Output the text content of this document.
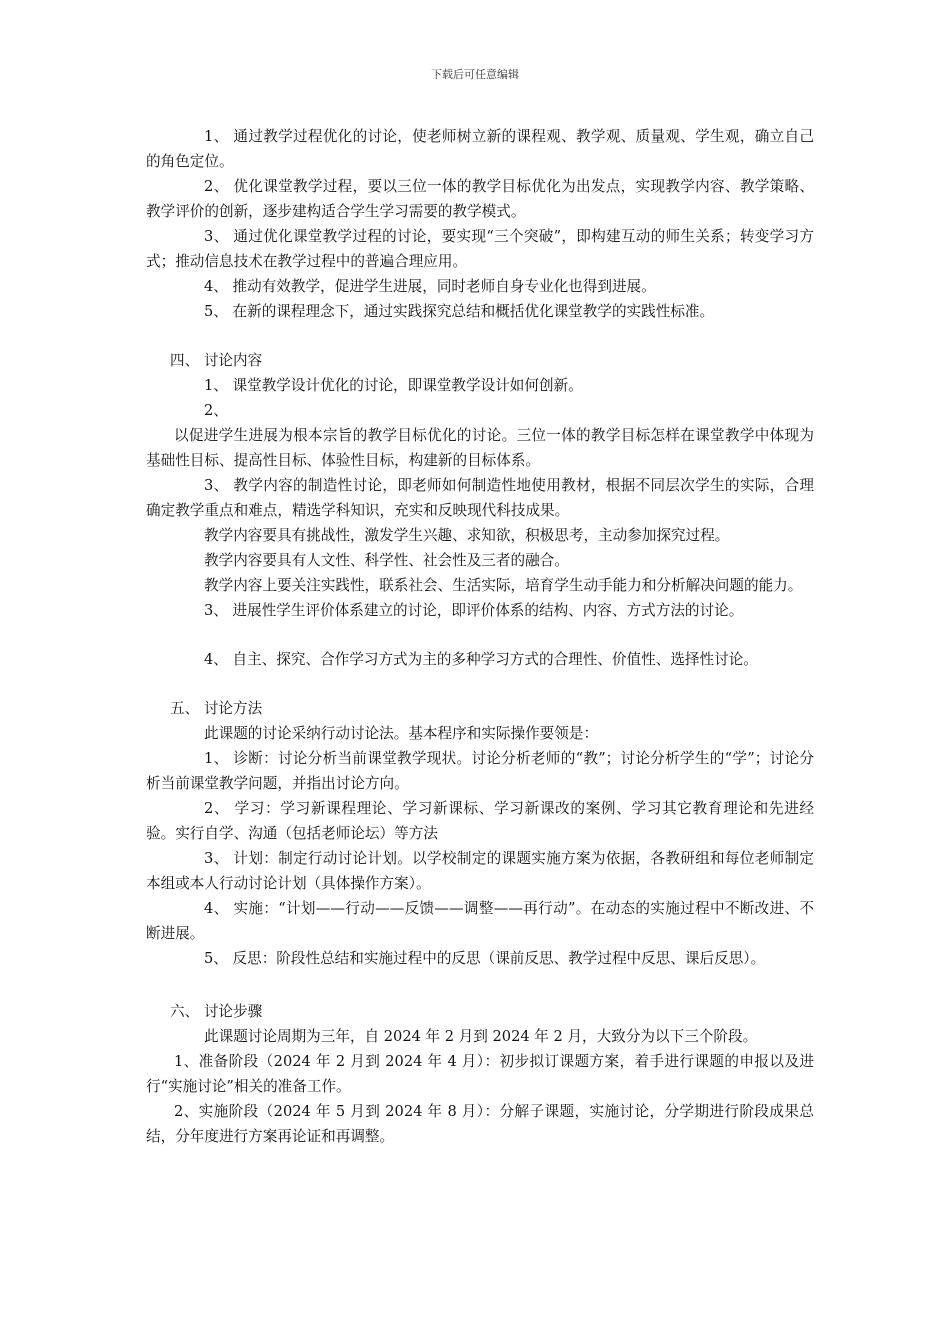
下载后可任意编辑

1、 通过教学过程优化的讨论，使老师树立新的课程观、教学观、质量观、学生观，确立自己的角色定位。

2、 优化课堂教学过程，要以三位一体的教学目标优化为出发点，实现教学内容、教学策略、教学评价的创新，逐步建构适合学生学习需要的教学模式。

3、 通过优化课堂教学过程的讨论，要实现“三个突破”，即构建互动的师生关系；转变学习方式；推动信息技术在教学过程中的普遍合理应用。

4、 推动有效教学，促进学生进展，同时老师自身专业化也得到进展。

5、 在新的课程理念下，通过实践探究总结和概括优化课堂教学的实践性标准。

四、 讨论内容

1、 课堂教学设计优化的讨论，即课堂教学设计如何创新。

2、

以促进学生进展为根本宗旨的教学目标优化的讨论。三位一体的教学目标怎样在课堂教学中体现为基础性目标、提高性目标、体验性目标，构建新的目标体系。

3、 教学内容的制造性讨论，即老师如何制造性地使用教材，根据不同层次学生的实际，合理确定教学重点和难点，精选学科知识，充实和反映现代科技成果。

教学内容要具有挑战性，激发学生兴趣、求知欲，积极思考，主动参加探究过程。

教学内容要具有人文性、科学性、社会性及三者的融合。

教学内容上要关注实践性，联系社会、生活实际，培育学生动手能力和分析解决问题的能力。

3、 进展性学生评价体系建立的讨论，即评价体系的结构、内容、方式方法的讨论。

4、 自主、探究、合作学习方式为主的多种学习方式的合理性、价值性、选择性讨论。

五、 讨论方法

此课题的讨论采纳行动讨论法。基本程序和实际操作要领是：

1、 诊断：讨论分析当前课堂教学现状。讨论分析老师的“教”；讨论分析学生的“学”；讨论分析当前课堂教学问题，并指出讨论方向。

2、 学习：学习新课程理论、学习新课标、学习新课改的案例、学习其它教育理论和先进经验。实行自学、沟通（包括老师论坛）等方法

3、 计划：制定行动讨论计划。以学校制定的课题实施方案为依据，各教研组和每位老师制定本组或本人行动讨论计划（具体操作方案）。

4、 实施：“计划——行动——反馈——调整——再行动”。在动态的实施过程中不断改进、不断进展。

5、 反思：阶段性总结和实施过程中的反思（课前反思、教学过程中反思、课后反思）。

六、 讨论步骤

此课题讨论周期为三年，自 2024 年 2 月到 2024 年 2 月，大致分为以下三个阶段。

1、准备阶段（2024 年 2 月到 2024 年 4 月）：初步拟订课题方案，着手进行课题的申报以及进行“实施讨论”相关的准备工作。

2、实施阶段（2024 年 5 月到 2024 年 8 月）：分解子课题，实施讨论，分学期进行阶段成果总结，分年度进行方案再论证和再调整。
